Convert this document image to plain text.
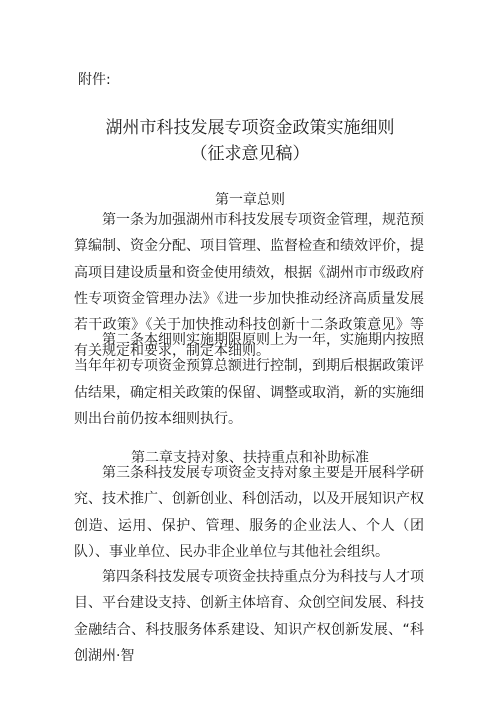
附件:
湖州市科技发展专项资金政策实施细则
（征求意见稿）
第一章总则
第一条为加强湖州市科技发展专项资金管理，规范预算编制、资金分配、项目管理、监督检查和绩效评价，提高项目建设质量和资金使用绩效，根据《湖州市市级政府性专项资金管理办法》《进一步加快推动经济高质量发展若干政策》《关于加快推动科技创新十二条政策意见》等有关规定和要求，制定本细则。
第二条本细则实施期限原则上为一年，实施期内按照当年年初专项资金预算总额进行控制，到期后根据政策评估结果，确定相关政策的保留、调整或取消，新的实施细则出台前仍按本细则执行。
第二章支持对象、扶持重点和补助标准
第三条科技发展专项资金支持对象主要是开展科学研究、技术推广、创新创业、科创活动，以及开展知识产权创造、运用、保护、管理、服务的企业法人、个人（团队）、事业单位、民办非企业单位与其他社会组织。
第四条科技发展专项资金扶持重点分为科技与人才项目、平台建设支持、创新主体培育、众创空间发展、科技金融结合、科技服务体系建设、知识产权创新发展、“科创湖州·智
